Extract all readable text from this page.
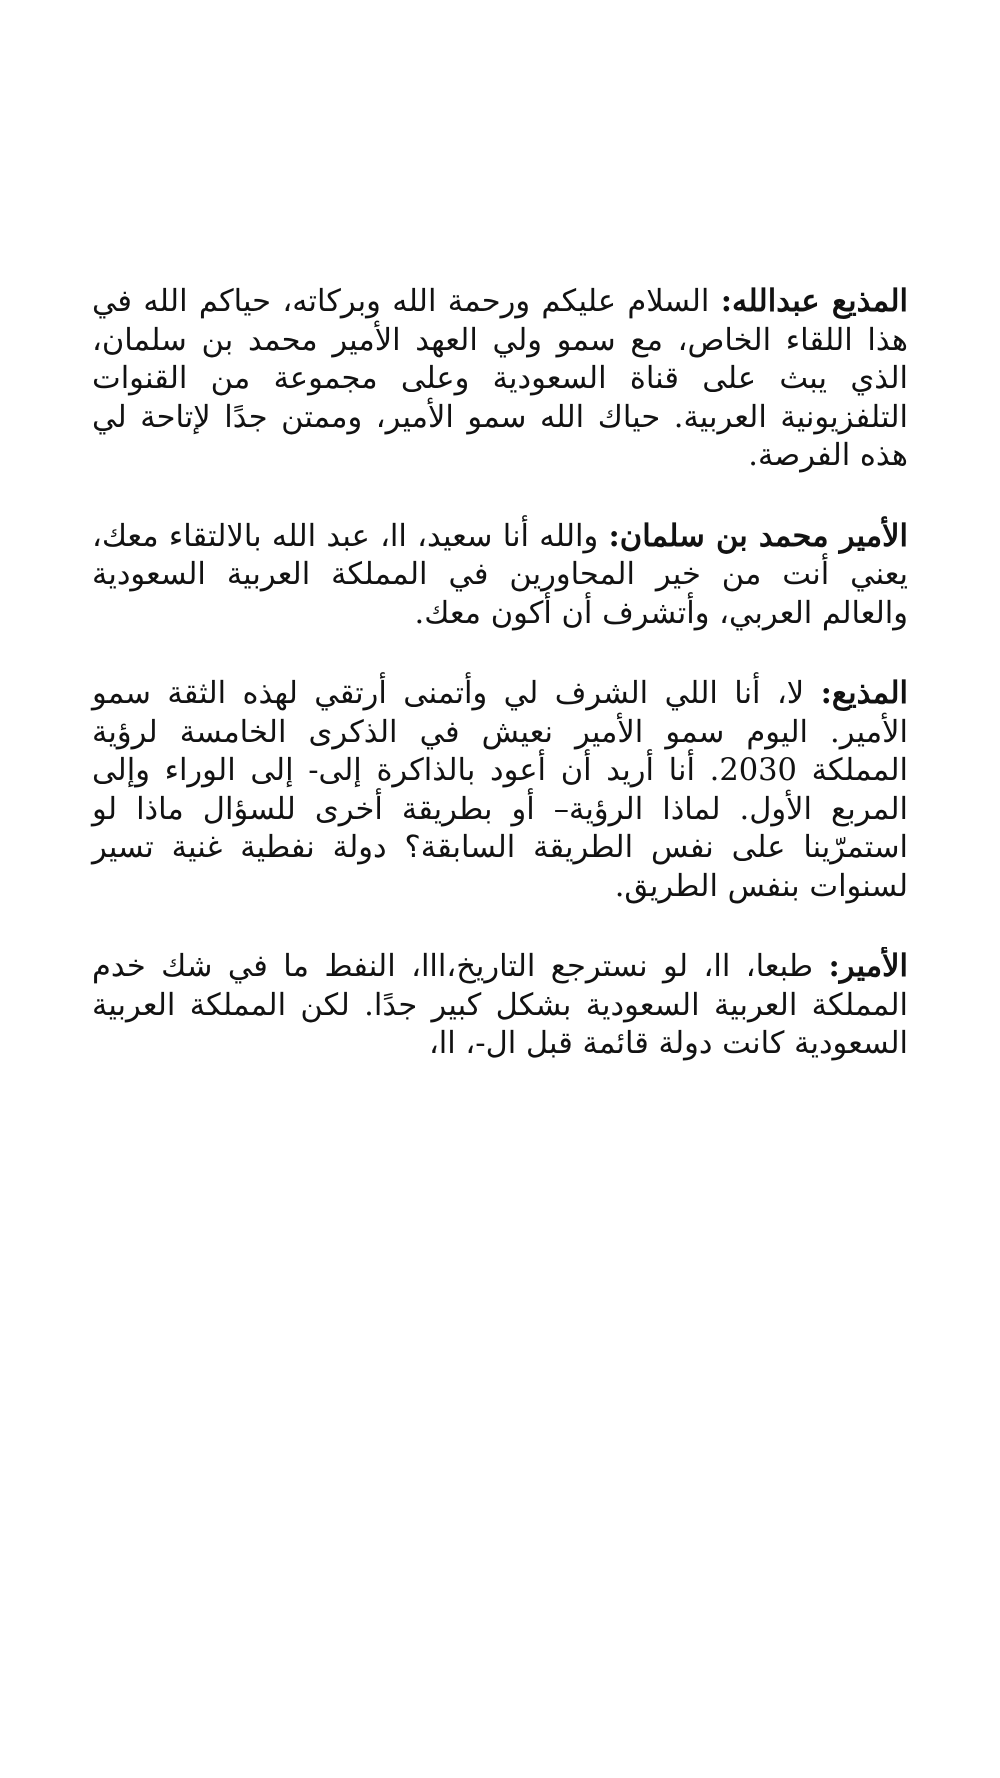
المذيع عبدالله: السلام عليكم ورحمة الله وبركاته، حياكم الله في هذا اللقاء الخاص، مع سمو ولي العهد الأمير محمد بن سلمان، الذي يبث على قناة السعودية وعلى مجموعة من القنوات التلفزيونية العربية. حياك الله سمو الأمير، وممتن جدًا لإتاحة لي هذه الفرصة.

الأمير محمد بن سلمان: والله أنا سعيد، اا، عبد الله بالالتقاء معك، يعني أنت من خير المحاورين في المملكة العربية السعودية والعالم العربي، وأتشرف أن أكون معك.

المذيع: لا، أنا اللي الشرف لي وأتمنى أرتقي لهذه الثقة سمو الأمير. اليوم سمو الأمير نعيش في الذكرى الخامسة لرؤية المملكة 2030. أنا أريد أن أعود بالذاكرة إلى- إلى الوراء وإلى المربع الأول. لماذا الرؤية– أو بطريقة أخرى للسؤال ماذا لو استمرّينا على نفس الطريقة السابقة؟ دولة نفطية غنية تسير لسنوات بنفس الطريق.

الأمير: طبعا، اا، لو نسترجع التاريخ،ااا، النفط ما في شك خدم المملكة العربية السعودية بشكل كبير جدًا. لكن المملكة العربية السعودية كانت دولة قائمة قبل ال-، اا،
